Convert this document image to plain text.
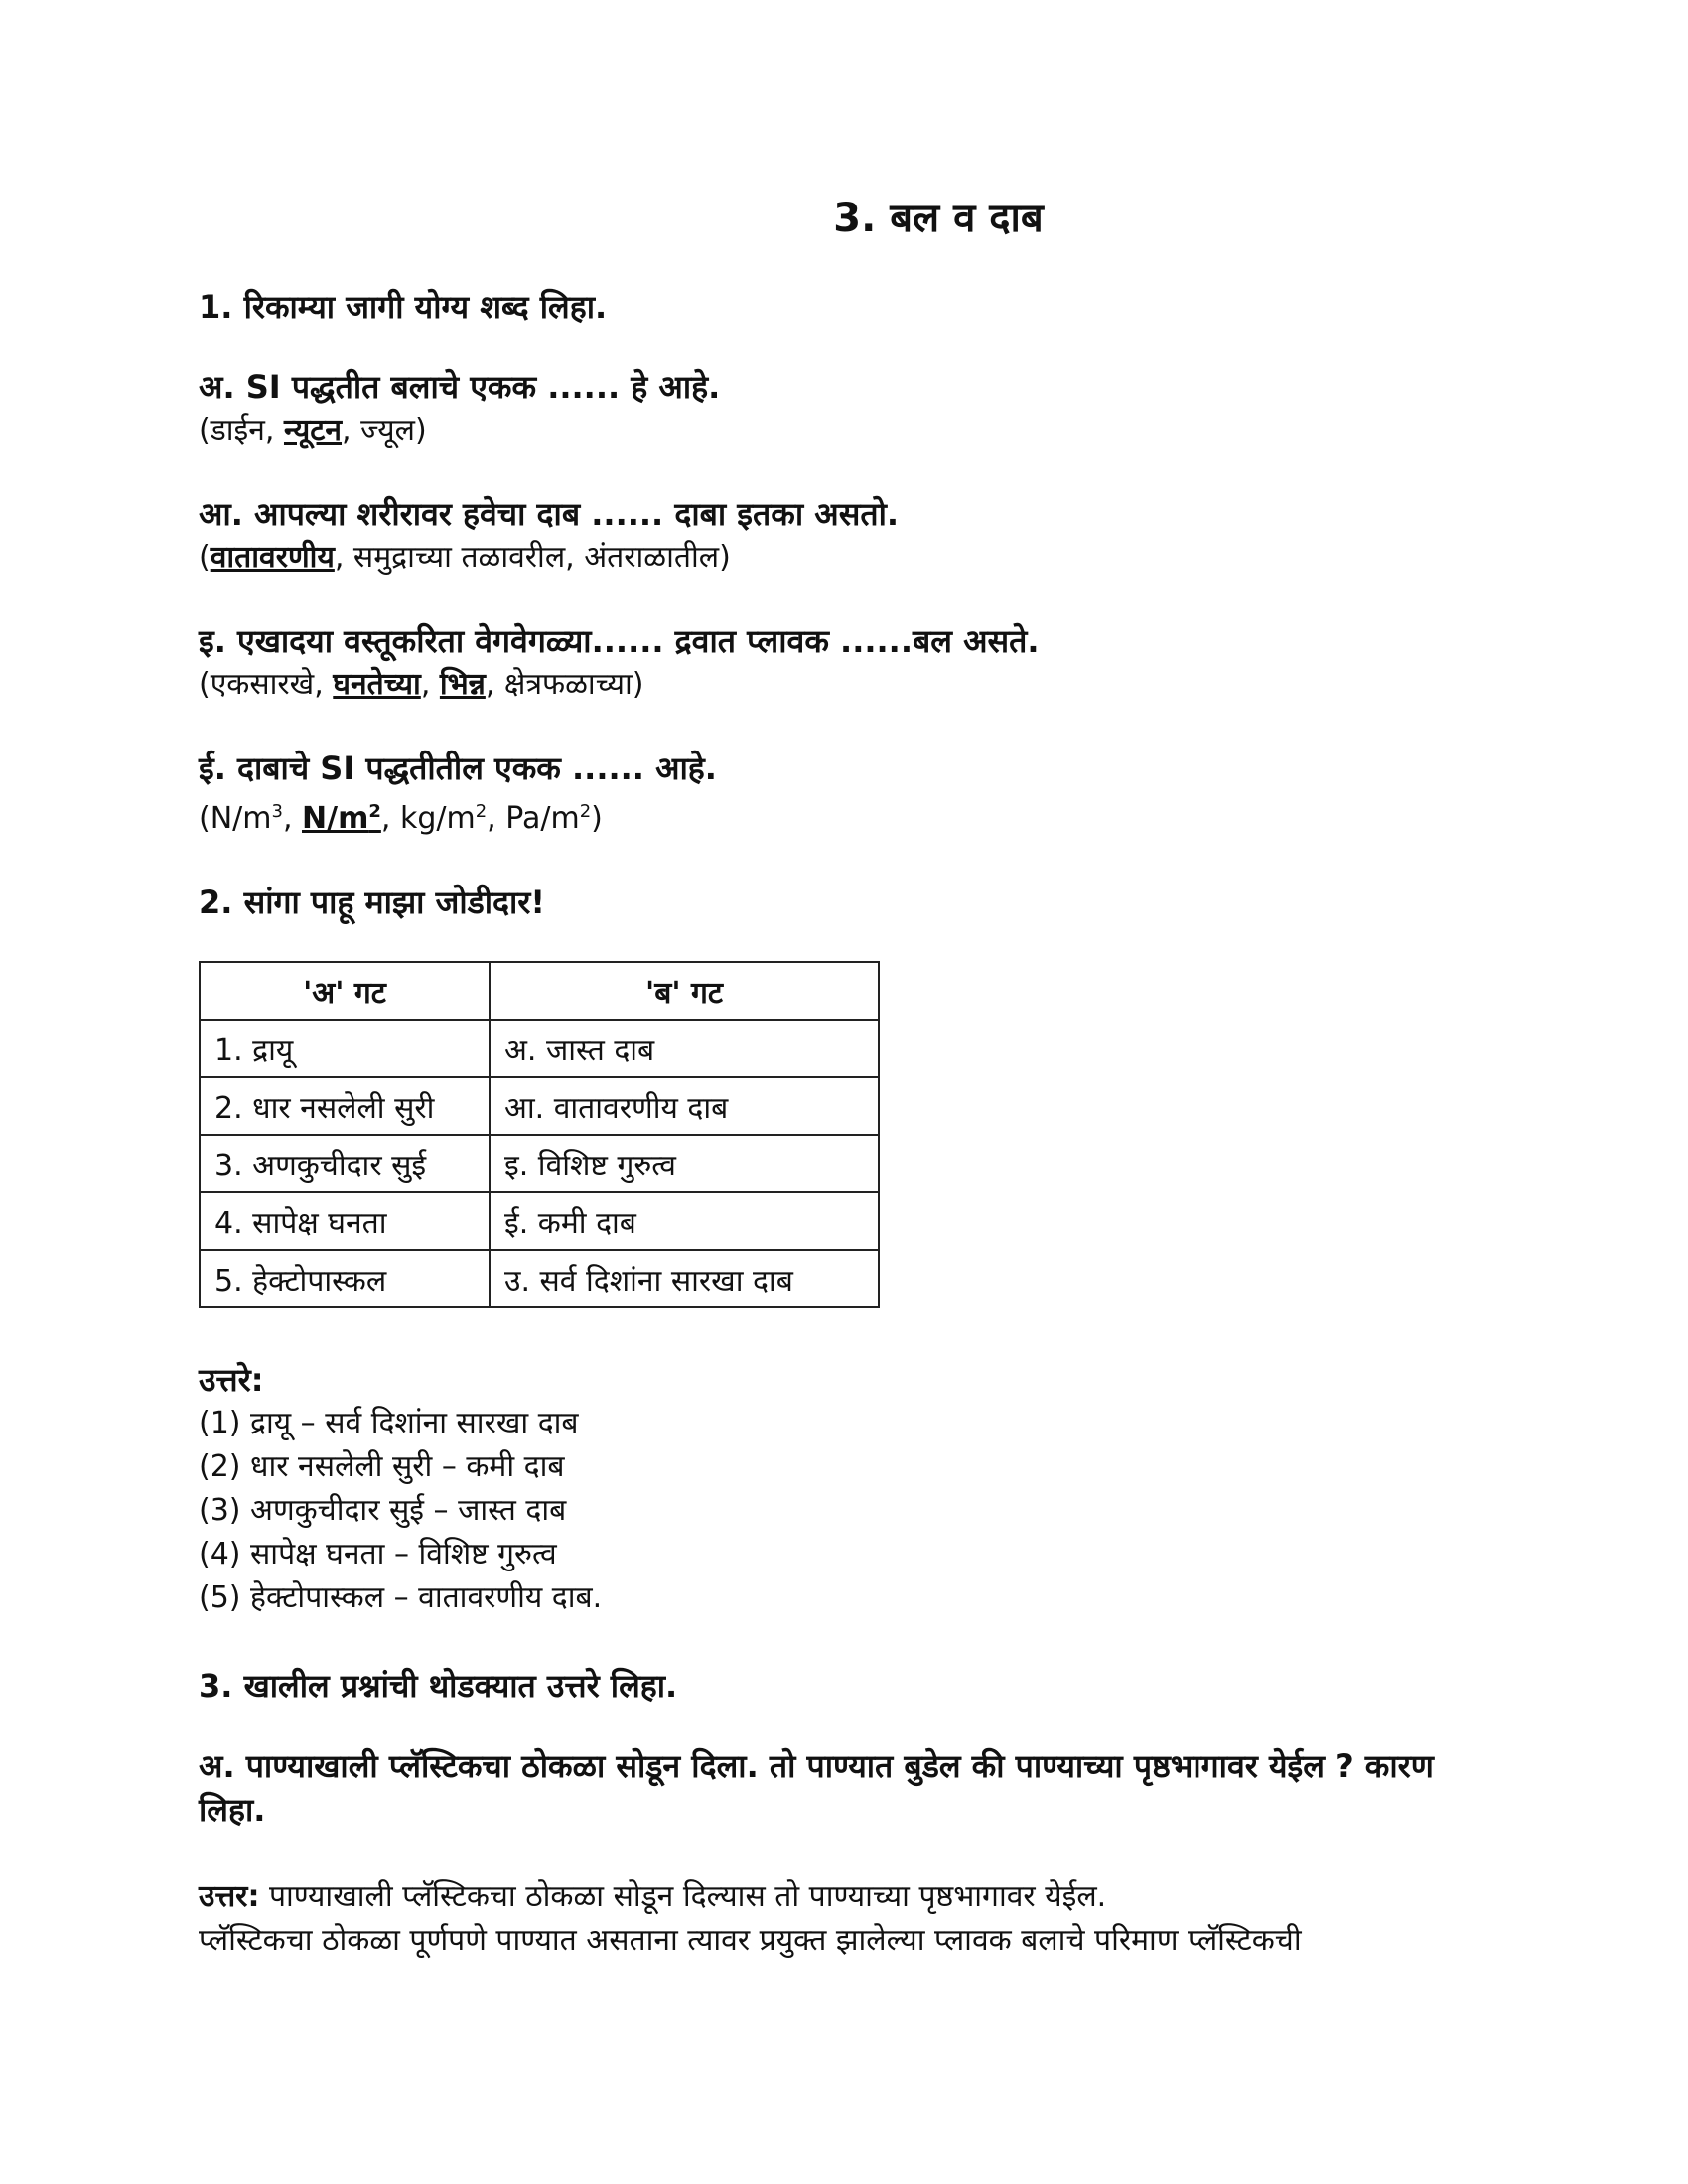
3. बल व दाब

1. रिकाम्या जागी योग्य शब्द लिहा.

अ. SI पद्धतीत बलाचे एकक ...... हे आहे.

(डाईन, न्यूटन, ज्यूल)

आ. आपल्या शरीरावर हवेचा दाब ...... दाबा इतका असतो.

(वातावरणीय, समुद्राच्या तळावरील, अंतराळातील)

इ. एखादया वस्तूकरिता वेगवेगळ्या...... द्रवात प्लावक ......बल असते.

(एकसारखे, घनतेच्या, भिन्न, क्षेत्रफळाच्या)

ई. दाबाचे SI पद्धतीतील एकक ...... आहे.

($N/m^3$, $N/m^2$, $kg/m^2$, $Pa/m^2$)

2. सांगा पाहू माझा जोडीदार!

'अ' गट	'ब' गट
1. द्रायू	अ. जास्त दाब
2. धार नसलेली सुरी	आ. वातावरणीय दाब
3. अणकुचीदार सुई	इ. विशिष्ट गुरुत्व
4. सापेक्ष घनता	ई. कमी दाब
5. हेक्टोपास्कल	उ. सर्व दिशांना सारखा दाब

उत्तरे:

(1) द्रायू – सर्व दिशांना सारखा दाब

(2) धार नसलेली सुरी – कमी दाब

(3) अणकुचीदार सुई – जास्त दाब

(4) सापेक्ष घनता – विशिष्ट गुरुत्व

(5) हेक्टोपास्कल – वातावरणीय दाब.

3. खालील प्रश्नांची थोडक्यात उत्तरे लिहा.

अ. पाण्याखाली प्लॅस्टिकचा ठोकळा सोडून दिला. तो पाण्यात बुडेल की पाण्याच्या पृष्ठभागावर येईल ? कारण लिहा.

उत्तर: पाण्याखाली प्लॅस्टिकचा ठोकळा सोडून दिल्यास तो पाण्याच्या पृष्ठभागावर येईल.

प्लॅस्टिकचा ठोकळा पूर्णपणे पाण्यात असताना त्यावर प्रयुक्त झालेल्या प्लावक बलाचे परिमाण प्लॅस्टिकची
